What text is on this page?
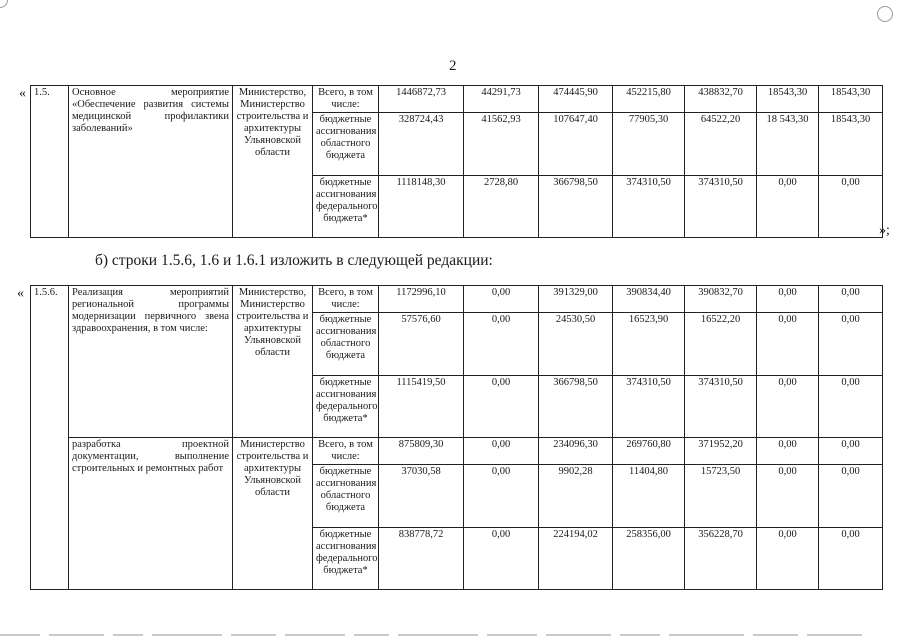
2
« 1.5.	Основное мероприятие «Обеспечение развития системы медицинской профилактики заболеваний»	Министерство, Министерство строительства и архитектуры Ульяновской области	Всего, в том числе:	1446872,73	44291,73	474445,90	452215,80	438832,70	18543,30	18543,30
			бюджетные ассигнования областного бюджета	328724,43	41562,93	107647,40	77905,30	64522,20	18 543,30	18543,30
			бюджетные ассигнования федерального бюджета*	1118148,30	2728,80	366798,50	374310,50	374310,50	0,00	0,00
»;
б) строки 1.5.6, 1.6 и 1.6.1 изложить в следующей редакции:
« 1.5.6.	Реализация мероприятий региональной программы модернизации первичного звена здравоохранения, в том числе:	Министерство, Министерство строительства и архитектуры Ульяновской области	Всего, в том числе:	1172996,10	0,00	391329,00	390834,40	390832,70	0,00	0,00
			бюджетные ассигнования областного бюджета	57576,60	0,00	24530,50	16523,90	16522,20	0,00	0,00
			бюджетные ассигнования федерального бюджета*	1115419,50	0,00	366798,50	374310,50	374310,50	0,00	0,00
	разработка проектной документации, выполнение строительных и ремонтных работ	Министерство строительства и архитектуры Ульяновской области	Всего, в том числе:	875809,30	0,00	234096,30	269760,80	371952,20	0,00	0,00
			бюджетные ассигнования областного бюджета	37030,58	0,00	9902,28	11404,80	15723,50	0,00	0,00
			бюджетные ассигнования федерального бюджета*	838778,72	0,00	224194,02	258356,00	356228,70	0,00	0,00
